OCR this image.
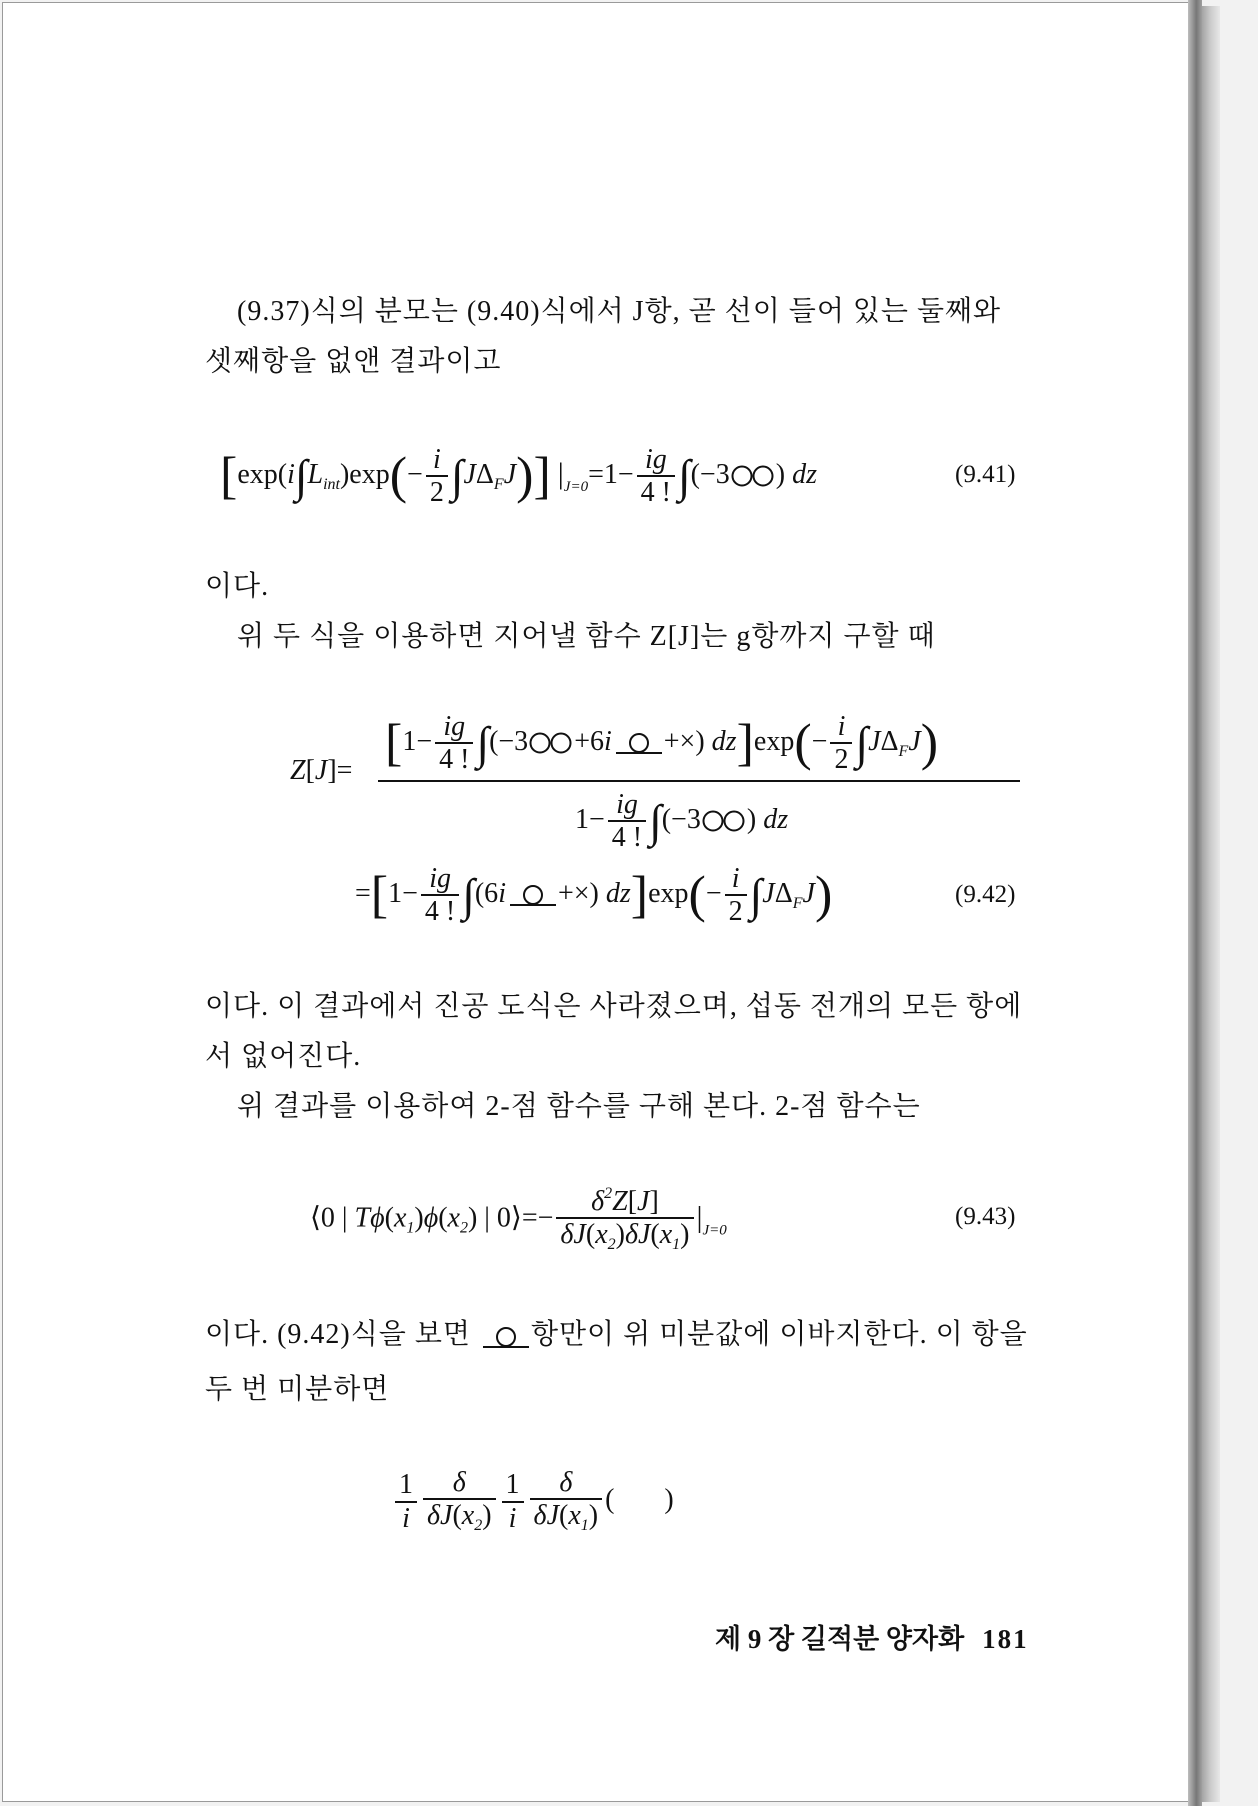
(9.37)식의 분모는 (9.40)식에서 J항, 곧 선이 들어 있는 둘째와
셋째항을 없앤 결과이고
$[\exp(i\int L_{int})\exp(- \frac{i}{2} \int J\Delta_FJ)]$ $|_{J=0}=1- \frac{ig}{4 !} \int(-3$ ) dz	(9.41)
이다.
위 두 식을 이용하면 지어낼 함수 Z[J]는 g항까지 구할 때
$Z[J]= [1- \frac{ig}{4 !} \int(-3 +6i$ +×) $dz]\exp(- \frac{i}{2} \int J\Delta_FJ)$
$1- \frac{ig}{4 !} \int(-3$ ) dz
$=[1- \frac{ig}{4 !} \int(6i$ +×) $dz]\exp(- \frac{i}{2} \int J\Delta_FJ)$	(9.42)
이다. 이 결과에서 진공 도식은 사라졌으며, 섭동 전개의 모든 항에
서 없어진다.
위 결과를 이용하여 2-점 함수를 구해 본다. 2-점 함수는
⟨0 | $T\phi(x_1)\phi(x_2)$ | 0⟩=− $\frac{\delta^2Z[J]}{\delta J(x_2)\delta J(x_1)} |_{J=0}$
(9.43)
이다. (9.42)식을 보면 항만이 위 미분값에 이바지한다. 이 항을
두 번 미분하면
$\frac{1}{i} \frac{\delta}{\delta J(x_2)} \frac{1}{i} \frac{\delta}{\delta J(x_1)}$ ( )
제 9 장 길적분 양자화 181
